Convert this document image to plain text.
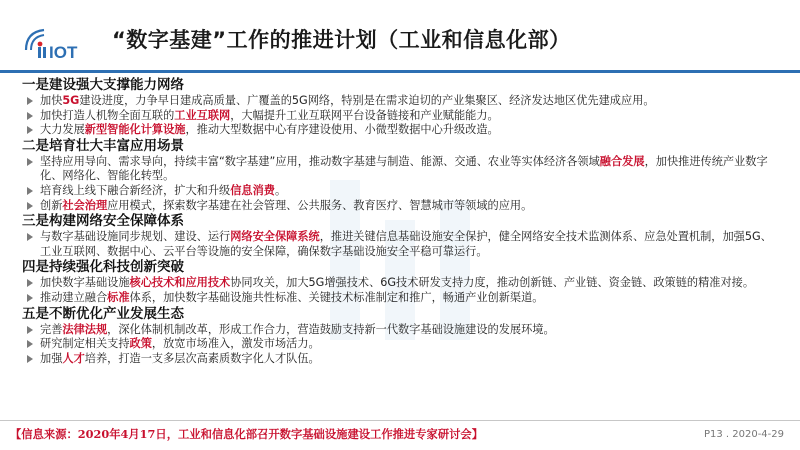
IOT
“数字基建”工作的推进计划（工业和信息化部）
一是建设强大支撑能力网络
加快5G建设进度，力争早日建成高质量、广覆盖的5G网络，特别是在需求迫切的产业集聚区、经济发达地区优先建成应用。
加快打造人机物全面互联的工业互联网，大幅提升工业互联网平台设备链接和产业赋能能力。
大力发展新型智能化计算设施，推动大型数据中心有序建设使用、小微型数据中心升级改造。
二是培育壮大丰富应用场景
坚持应用导向、需求导向，持续丰富“数字基建”应用，推动数字基建与制造、能源、交通、农业等实体经济各领域融合发展，加快推进传统产业数字化、网络化、智能化转型。
培育线上线下融合新经济，扩大和升级信息消费。
创新社会治理应用模式，探索数字基建在社会管理、公共服务、教育医疗、智慧城市等领域的应用。
三是构建网络安全保障体系
与数字基础设施同步规划、建设、运行网络安全保障系统，推进关键信息基础设施安全保护，健全网络安全技术监测体系、应急处置机制，加强5G、工业互联网、数据中心、云平台等设施的安全保障，确保数字基础设施安全平稳可靠运行。
四是持续强化科技创新突破
加快数字基础设施核心技术和应用技术协同攻关，加大5G增强技术、6G技术研发支持力度，推动创新链、产业链、资金链、政策链的精准对接。
推动建立融合标准体系，加快数字基础设施共性标准、关键技术标准制定和推广，畅通产业创新渠道。
五是不断优化产业发展生态
完善法律法规，深化体制机制改革，形成工作合力，营造鼓励支持新一代数字基础设施建设的发展环境。
研究制定相关支持政策，放宽市场准入，激发市场活力。
加强人才培养，打造一支多层次高素质数字化人才队伍。
【信息来源：2020年4月17日，工业和信息化部召开数字基础设施建设工作推进专家研讨会】	P13 . 2020-4-29
